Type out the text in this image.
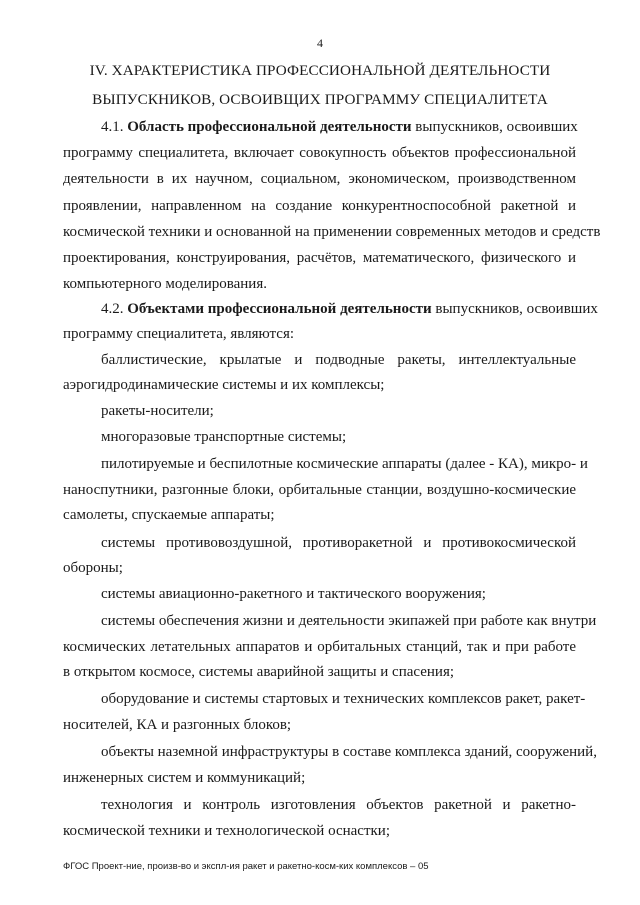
4
IV. ХАРАКТЕРИСТИКА ПРОФЕССИОНАЛЬНОЙ ДЕЯТЕЛЬНОСТИ
ВЫПУСКНИКОВ, ОСВОИВЩИХ ПРОГРАММУ СПЕЦИАЛИТЕТА
4.1. Область профессиональной деятельности выпускников, освоивших
программу специалитета, включает совокупность объектов профессиональной
деятельности в их научном, социальном, экономическом, производственном
проявлении, направленном на создание конкурентноспособной ракетной и
космической техники и основанной на применении современных методов и средств
проектирования, конструирования, расчётов, математического, физического и
компьютерного моделирования.
4.2. Объектами профессиональной деятельности выпускников, освоивших
программу специалитета, являются:
баллистические, крылатые и подводные ракеты, интеллектуальные
аэрогидродинамические системы и их комплексы;
ракеты-носители;
многоразовые транспортные системы;
пилотируемые и беспилотные космические аппараты (далее - КА), микро- и
наноспутники, разгонные блоки, орбитальные станции, воздушно-космические
самолеты, спускаемые аппараты;
системы противовоздушной, противоракетной и противокосмической
обороны;
системы авиационно-ракетного и тактического вооружения;
системы обеспечения жизни и деятельности экипажей при работе как внутри
космических летательных аппаратов и орбитальных станций, так и при работе
в открытом космосе, системы аварийной защиты и спасения;
оборудование и системы стартовых и технических комплексов ракет, ракет-
носителей, КА и разгонных блоков;
объекты наземной инфраструктуры в составе комплекса зданий, сооружений,
инженерных систем и коммуникаций;
технология и контроль изготовления объектов ракетной и ракетно-
космической техники и технологической оснастки;
ФГОС Проект-ние, произв-во и экспл-ия ракет и ракетно-косм-ких комплексов – 05
